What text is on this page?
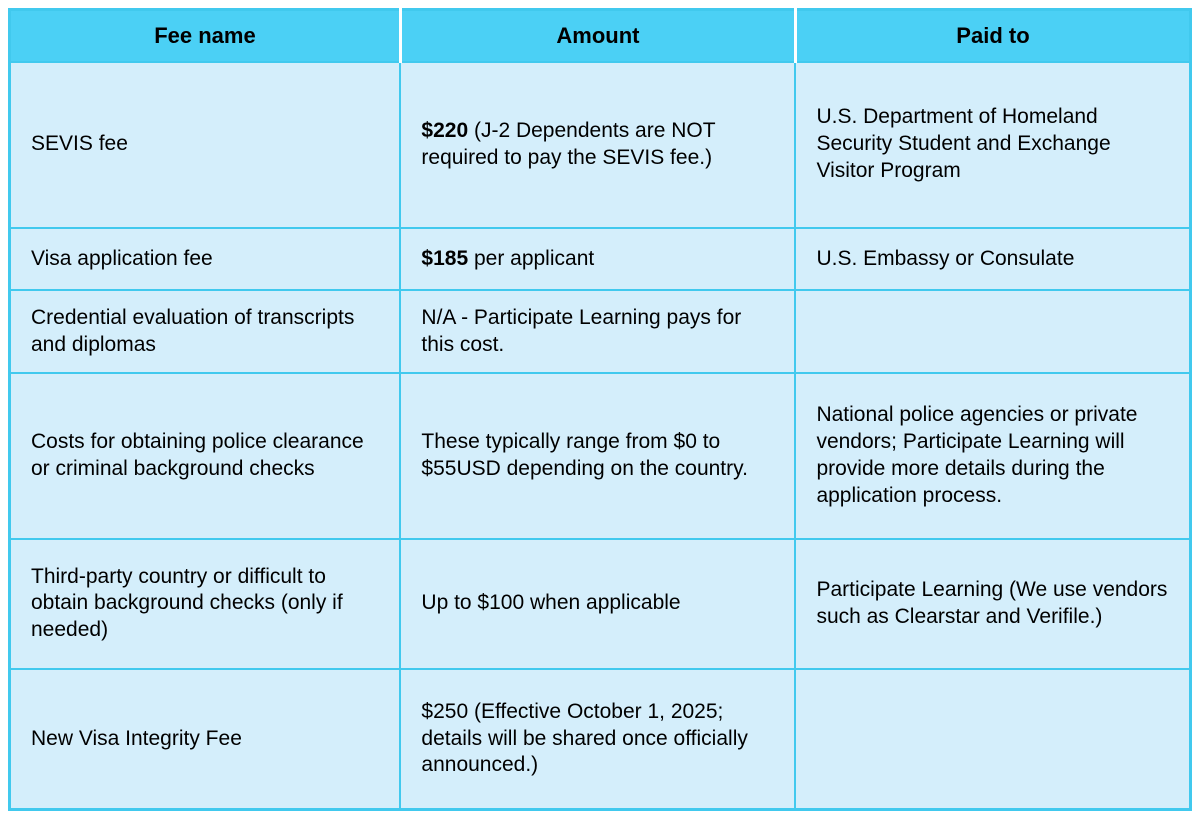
Fee name	Amount	Paid to
SEVIS fee	$220 (J-2 Dependents are NOT required to pay the SEVIS fee.)	U.S. Department of Homeland Security Student and Exchange Visitor Program
Visa application fee	$185 per applicant	U.S. Embassy or Consulate
Credential evaluation of transcripts and diplomas	N/A - Participate Learning pays for this cost.	
Costs for obtaining police clearance or criminal background checks	These typically range from $0 to $55USD depending on the country.	National police agencies or private vendors; Participate Learning will provide more details during the application process.
Third-party country or difficult to obtain background checks (only if needed)	Up to $100 when applicable	Participate Learning (We use vendors such as Clearstar and Verifile.)
New Visa Integrity Fee	$250 (Effective October 1, 2025; details will be shared once officially announced.)	
